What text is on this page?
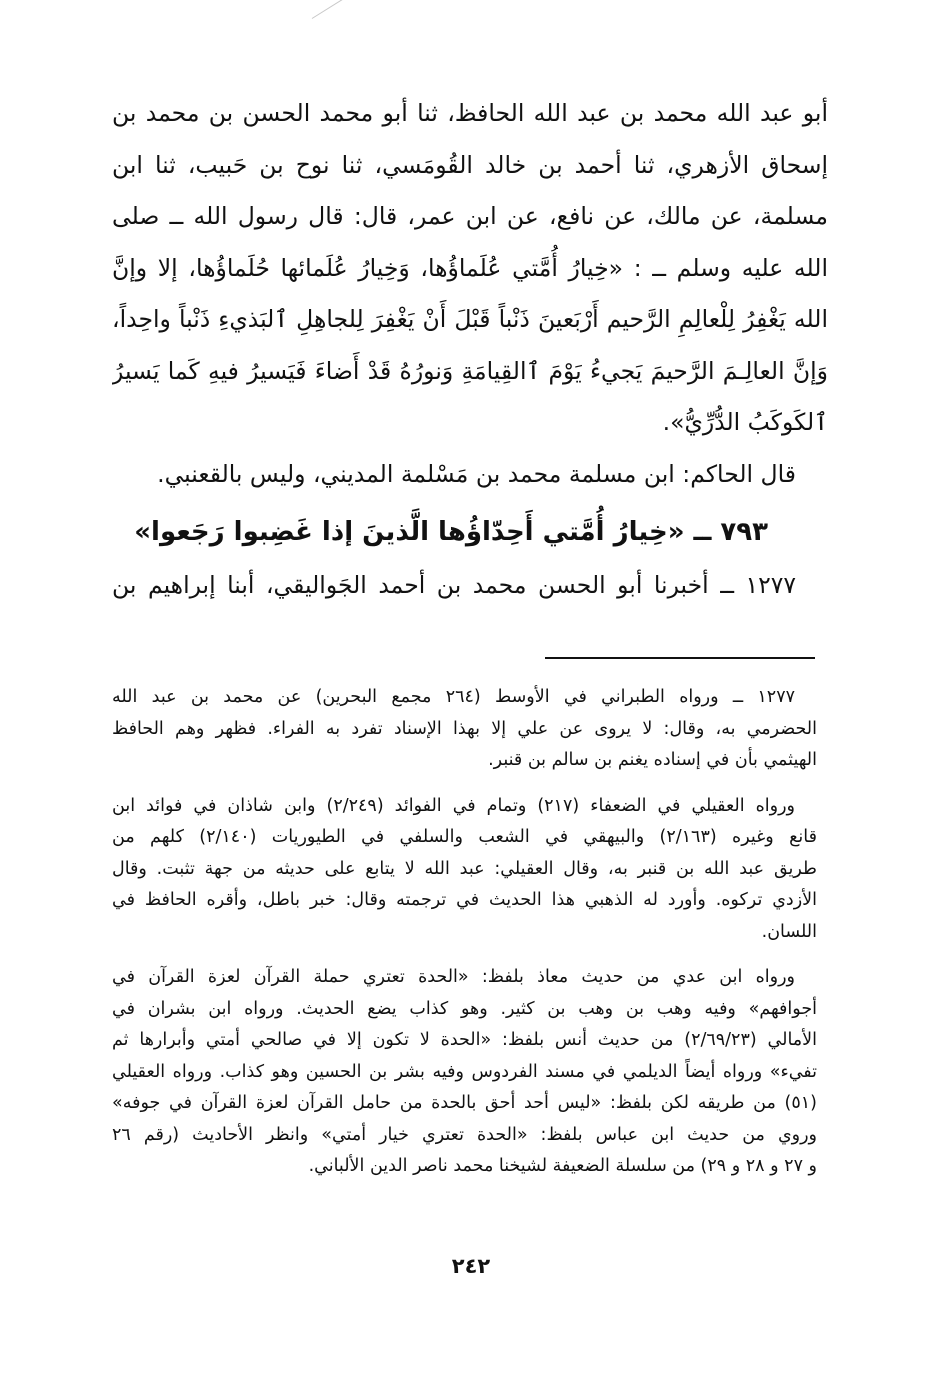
أبو عبد الله محمد بن عبد الله الحافظ، ثنا أبو محمد الحسن بن محمد بن
إسحاق الأزهري، ثنا أحمد بن خالد القُومَسي، ثنا نوح بن حَبيب، ثنا ابن
مسلمة، عن مالك، عن نافع، عن ابن عمر، قال: قال رسول الله ــ صلى
الله عليه وسلم ــ : «خِيارُ أُمَّتي عُلَماؤُها، وَخِيارُ عُلَمائها حُلَماؤُها، إلا وإنَّ
الله يَغْفِرُ لِلْعالِمِ الرَّحيم أَرْبَعينَ ذَنْباً قَبْلَ أَنْ يَغْفِرَ لِلجاهِلِ ٱلبَذيءِ ذَنْباً واحِداً،
وَإنَّ العالِـمَ الرَّحيمَ يَجيءُ يَوْمَ ٱالقِيامَةِ وَنورُهُ قَدْ أَضاءَ فَيَسيرُ فيهِ كَما يَسيرُ
ٱلكَوكَبُ الدُّرِّيُّ».
قال الحاكم: ابن مسلمة محمد بن مَسْلمة المديني، وليس بالقعنبي.
٧٩٣ ــ «خِيارُ أُمَّتي أَحِدّاؤُها الَّذينَ إذا غَضِبوا رَجَعوا»
١٢٧٧ ــ أخبرنا أبو الحسن محمد بن أحمد الجَواليقي، أبنا إبراهيم بن
١٢٧٧ ــ ورواه الطبراني في الأوسط (٢٦٤ مجمع البحرين) عن محمد بن عبد الله
الحضرمي به، وقال: لا يروى عن علي إلا بهذا الإسناد تفرد به الفراء. فظهر وهم الحافظ
الهيثمي بأن في إسناده يغنم بن سالم بن قنبر.
ورواه العقيلي في الضعفاء (٢١٧) وتمام في الفوائد (٢/٢٤٩) وابن شاذان في فوائد ابن
قانع وغيره (٢/١٦٣) والبيهقي في الشعب والسلفي في الطيوريات (٢/١٤٠) كلهم من
طريق عبد الله بن قنبر به، وقال العقيلي: عبد الله لا يتابع على حديثه من جهة تثبت. وقال
الأزدي تركوه. وأورد له الذهبي هذا الحديث في ترجمته وقال: خبر باطل، وأقره الحافظ في
اللسان.
ورواه ابن عدي من حديث معاذ بلفظ: «الحدة تعتري حملة القرآن لعزة القرآن في
أجوافهم» وفيه وهب بن وهب بن كثير. وهو كذاب يضع الحديث. ورواه ابن بشران في
الأمالي (٢/٦٩/٢٣) من حديث أنس بلفظ: «الحدة لا تكون إلا في صالحي أمتي وأبرارها ثم
تفيء» ورواه أيضاً الديلمي في مسند الفردوس وفيه بشر بن الحسين وهو كذاب. ورواه العقيلي
(٥١) من طريقه لكن بلفظ: «ليس أحد أحق بالحدة من حامل القرآن لعزة القرآن في جوفه»
وروي من حديث ابن عباس بلفظ: «الحدة تعتري خيار أمتي» وانظر الأحاديث (رقم ٢٦
و ٢٧ و ٢٨ و ٢٩) من سلسلة الضعيفة لشيخنا محمد ناصر الدين الألباني.
٢٤٢
